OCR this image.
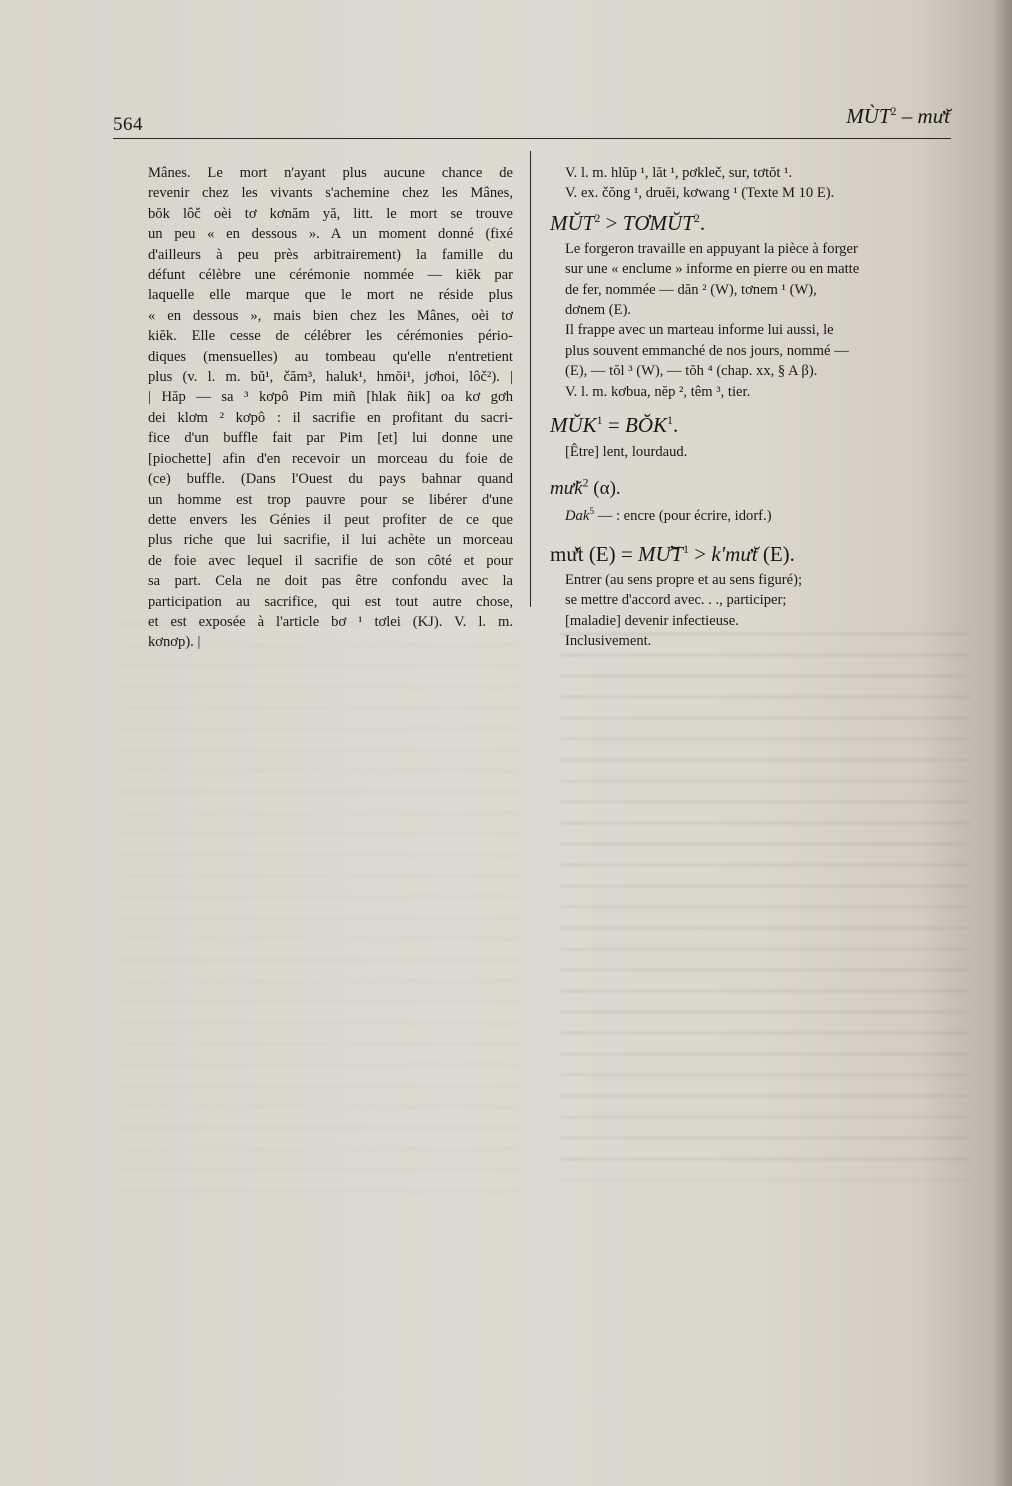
564	MÙT$^2$ – mư̆t
Mânes. Le mort n'ayant plus aucune chance de
revenir chez les vivants s'achemine chez les Mânes,
bŏk lôč oèi tơ kơnăm yă, litt. le mort se trouve
un peu « en dessous ». A un moment donné (fixé
d'ailleurs à peu près arbitrairement) la famille du
défunt célèbre une cérémonie nommée — kiĕk par
laquelle elle marque que le mort ne réside plus
« en dessous », mais bien chez les Mânes, oèi tơ
kiĕk. Elle cesse de célébrer les cérémonies pério-
diques (mensuelles) au tombeau qu'elle n'entretient
plus (v. l. m. bŭ¹, čăm³, haluk¹, hmŏi¹, jơhoi, lôč²). |
| Hăp — sa ³ kơpô Pim miñ [hlak ñik] oa kơ gơh
dei klơm ² kơpô : il sacrifie en profitant du sacri-
fice d'un buffle fait par Pim [et] lui donne une
[piochette] afin d'en recevoir un morceau du foie de
(ce) buffle. (Dans l'Ouest du pays bahnar quand
un homme est trop pauvre pour se libérer d'une
dette envers les Génies il peut profiter de ce que
plus riche que lui sacrifie, il lui achète un morceau
de foie avec lequel il sacrifie de son côté et pour
sa part. Cela ne doit pas être confondu avec la
participation au sacrifice, qui est tout autre chose,
et est exposée à l'article bơ ¹ tơlei (KJ). V. l. m.
kơnơp). |
V. l. m. hlŭp ¹, lăt ¹, pơkleč, sur, tơtŏt ¹.
V. ex. čŏng ¹, druĕi, kơwang ¹ (Texte M 10 E).
$MŬT^2$ > $TƠMŬT^2$.
Le forgeron travaille en appuyant la pièce à forger
sur une « enclume » informe en pierre ou en matte
de fer, nommée — dăn ² (W), tơnem ¹ (W),
dơnem (E).
Il frappe avec un marteau informe lui aussi, le
plus souvent emmanché de nos jours, nommé —
(E), — tŏl ³ (W), — tŏh ⁴ (chap. xx, § A β).
V. l. m. kơbua, nĕp ², têm ³, tier.
$MŬK^1$ = $BŎK^1$.
[Être] lent, lourdaud.
$mư̆k^2$ (α).
Dak$^5$ — : encre (pour écrire, idorf.)
mư̆t $(E) = MƯ̆T^1$ > k'mư̆t (E).
Entrer (au sens propre et au sens figuré);
se mettre d'accord avec. . ., participer;
[maladie] devenir infectieuse.
Inclusivement.
